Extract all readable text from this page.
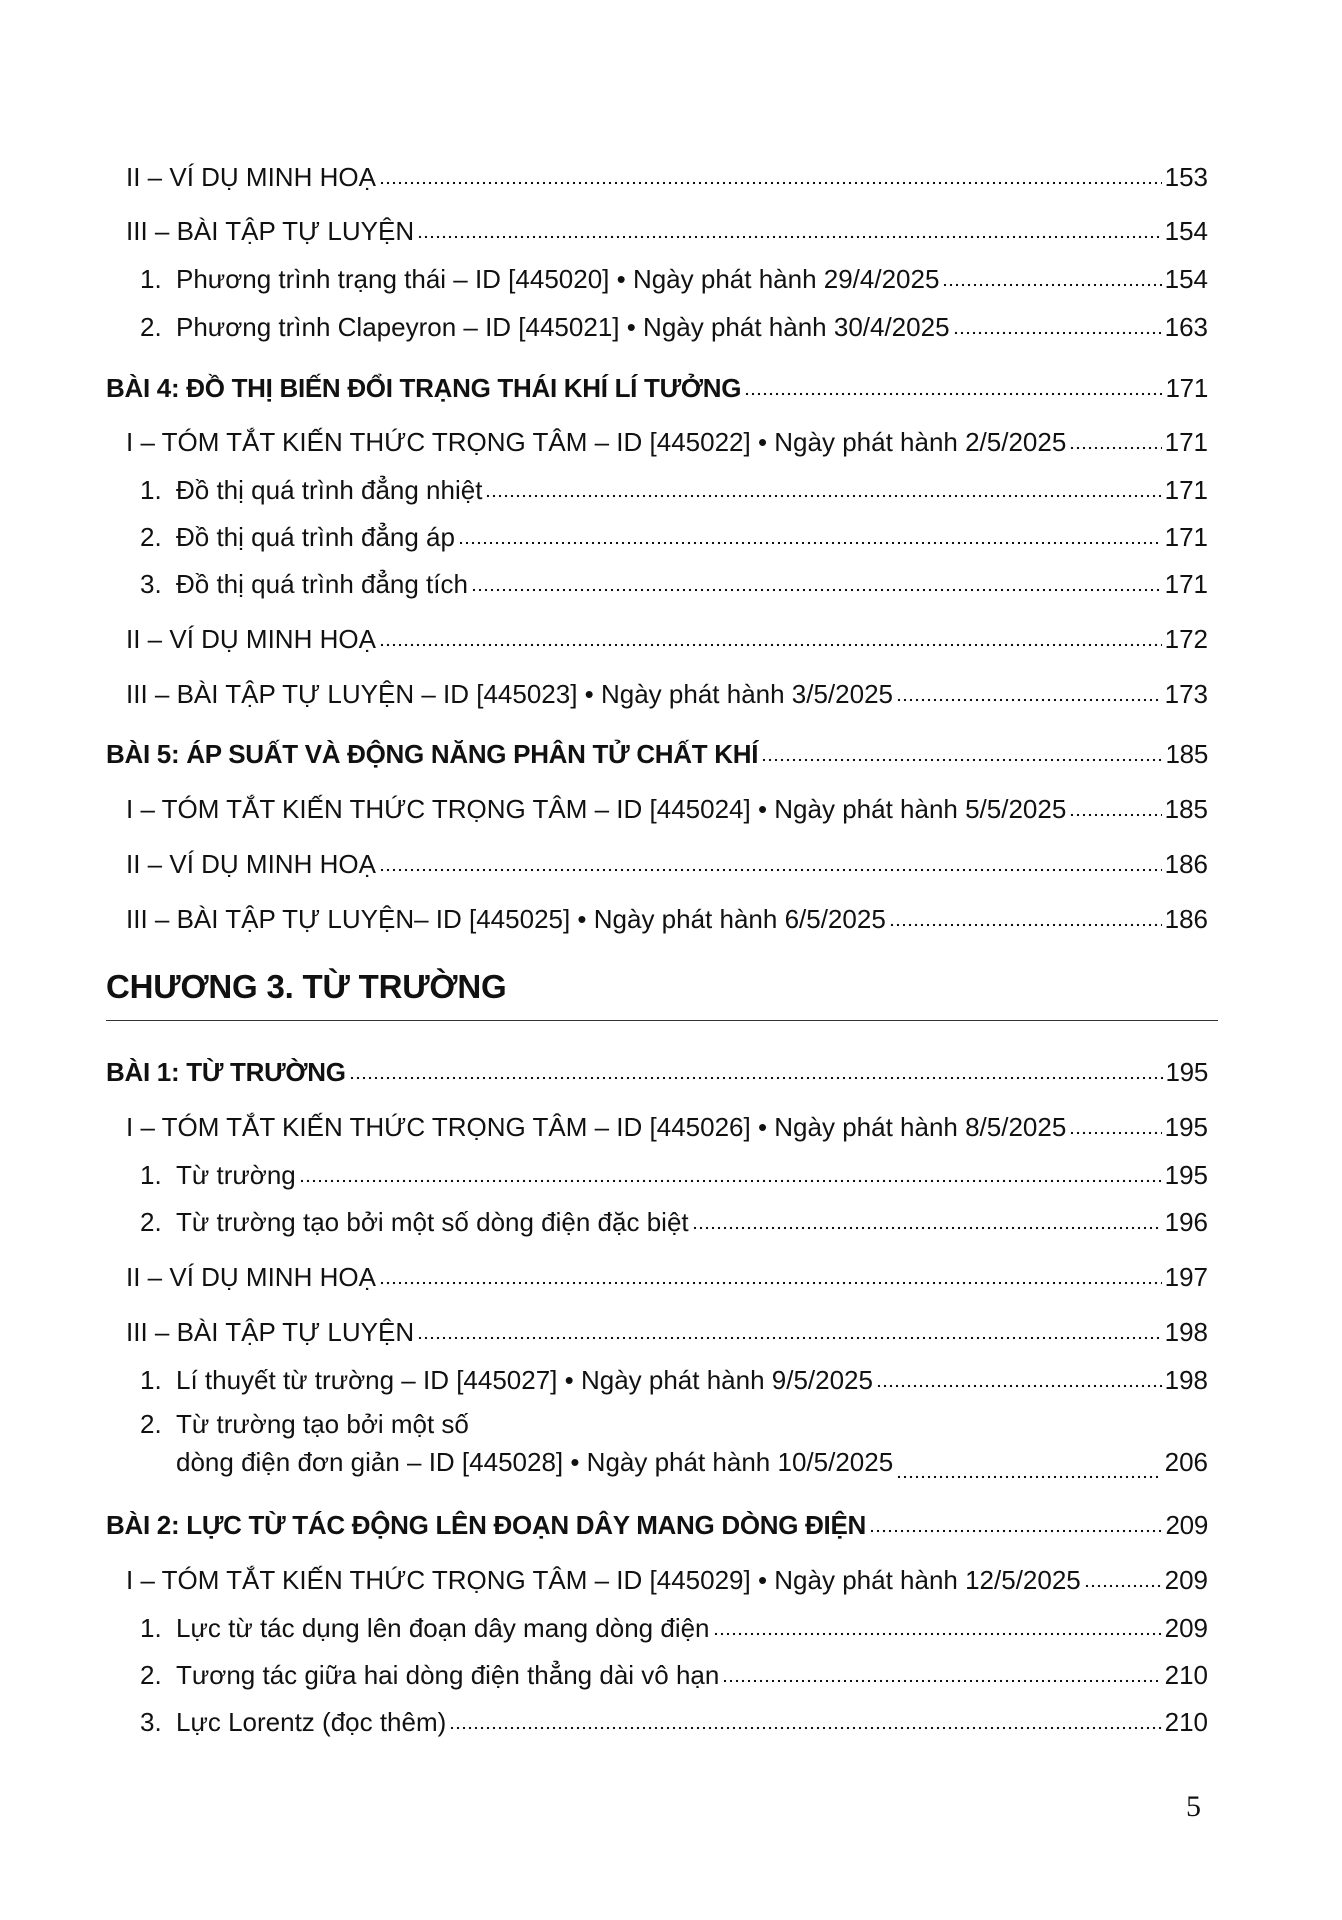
II – VÍ DỤ MINH HOẠ	153
III – BÀI TẬP TỰ LUYỆN	154
1. Phương trình trạng thái – ID [445020] • Ngày phát hành 29/4/2025	154
2. Phương trình Clapeyron – ID [445021] • Ngày phát hành 30/4/2025	163
BÀI 4: ĐỒ THỊ BIẾN ĐỔI TRẠNG THÁI KHÍ LÍ TƯỞNG	171
I – TÓM TẮT KIẾN THỨC TRỌNG TÂM – ID [445022] • Ngày phát hành 2/5/2025	171
1. Đồ thị quá trình đẳng nhiệt	171
2. Đồ thị quá trình đẳng áp	171
3. Đồ thị quá trình đẳng tích	171
II – VÍ DỤ MINH HOẠ	172
III – BÀI TẬP TỰ LUYỆN – ID [445023] • Ngày phát hành 3/5/2025	173
BÀI 5: ÁP SUẤT VÀ ĐỘNG NĂNG PHÂN TỬ CHẤT KHÍ	185
I – TÓM TẮT KIẾN THỨC TRỌNG TÂM – ID [445024] • Ngày phát hành 5/5/2025	185
II – VÍ DỤ MINH HOẠ	186
III – BÀI TẬP TỰ LUYỆN– ID [445025] • Ngày phát hành 6/5/2025	186
CHƯƠNG 3. TỪ TRƯỜNG
BÀI 1: TỪ TRƯỜNG	195
I – TÓM TẮT KIẾN THỨC TRỌNG TÂM – ID [445026] • Ngày phát hành 8/5/2025	195
1. Từ trường	195
2. Từ trường tạo bởi một số dòng điện đặc biệt	196
II – VÍ DỤ MINH HOẠ	197
III – BÀI TẬP TỰ LUYỆN	198
1. Lí thuyết từ trường – ID [445027] • Ngày phát hành 9/5/2025	198
2. Từ trường tạo bởi một số
dòng điện đơn giản – ID [445028] • Ngày phát hành 10/5/2025	206
BÀI 2: LỰC TỪ TÁC ĐỘNG LÊN ĐOẠN DÂY MANG DÒNG ĐIỆN	209
I – TÓM TẮT KIẾN THỨC TRỌNG TÂM – ID [445029] • Ngày phát hành 12/5/2025	209
1. Lực từ tác dụng lên đoạn dây mang dòng điện	209
2. Tương tác giữa hai dòng điện thẳng dài vô hạn	210
3. Lực Lorentz (đọc thêm)	210
5
